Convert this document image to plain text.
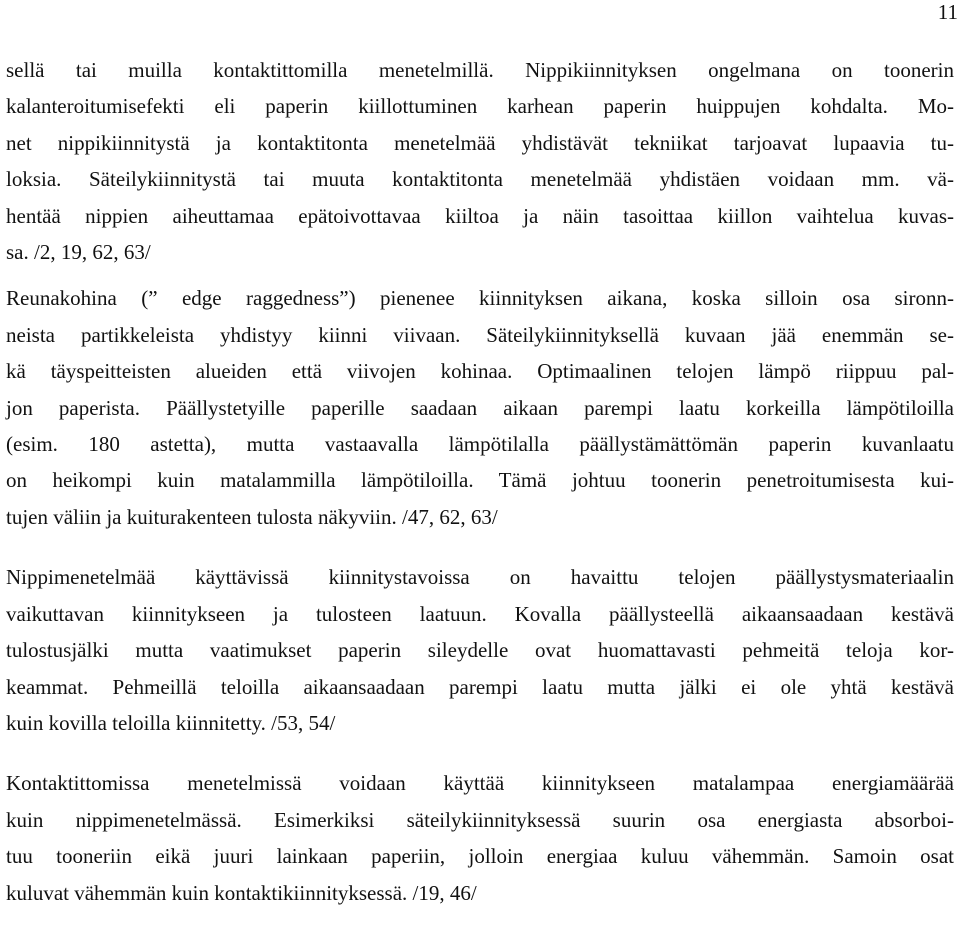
11

sellä tai muilla kontaktittomilla menetelmillä. Nippikiinnityksen ongelmana on toonerin
kalanteroitumisefekti eli paperin kiillottuminen karhean paperin huippujen kohdalta. Mo-
net nippikiinnitystä ja kontaktitonta menetelmää yhdistävät tekniikat tarjoavat lupaavia tu-
loksia. Säteilykiinnitystä tai muuta kontaktitonta menetelmää yhdistäen voidaan mm. vä-
hentää nippien aiheuttamaa epätoivottavaa kiiltoa ja näin tasoittaa kiillon vaihtelua kuvas-
sa. /2, 19, 62, 63/

Reunakohina (” edge raggedness”) pienenee kiinnityksen aikana, koska silloin osa sironn-
neista partikkeleista yhdistyy kiinni viivaan. Säteilykiinnityksellä kuvaan jää enemmän se-
kä täyspeitteisten alueiden että viivojen kohinaa. Optimaalinen telojen lämpö riippuu pal-
jon paperista. Päällystetyille paperille saadaan aikaan parempi laatu korkeilla lämpötiloilla
(esim. 180 astetta), mutta vastaavalla lämpötilalla päällystämättömän paperin kuvanlaatu
on heikompi kuin matalammilla lämpötiloilla. Tämä johtuu toonerin penetroitumisesta kui-
tujen väliin ja kuiturakenteen tulosta näkyviin. /47, 62, 63/

Nippimenetelmää käyttävissä kiinnitystavoissa on havaittu telojen päällystysmateriaalin
vaikuttavan kiinnitykseen ja tulosteen laatuun. Kovalla päällysteellä aikaansaadaan kestävä
tulostusjälki mutta vaatimukset paperin sileydelle ovat huomattavasti pehmeitä teloja kor-
keammat. Pehmeillä teloilla aikaansaadaan parempi laatu mutta jälki ei ole yhtä kestävä
kuin kovilla teloilla kiinnitetty. /53, 54/

Kontaktittomissa menetelmissä voidaan käyttää kiinnitykseen matalampaa energiamäärää
kuin nippimenetelmässä. Esimerkiksi säteilykiinnityksessä suurin osa energiasta absorboi-
tuu tooneriin eikä juuri lainkaan paperiin, jolloin energiaa kuluu vähemmän. Samoin osat
kuluvat vähemmän kuin kontaktikiinnityksessä. /19, 46/
